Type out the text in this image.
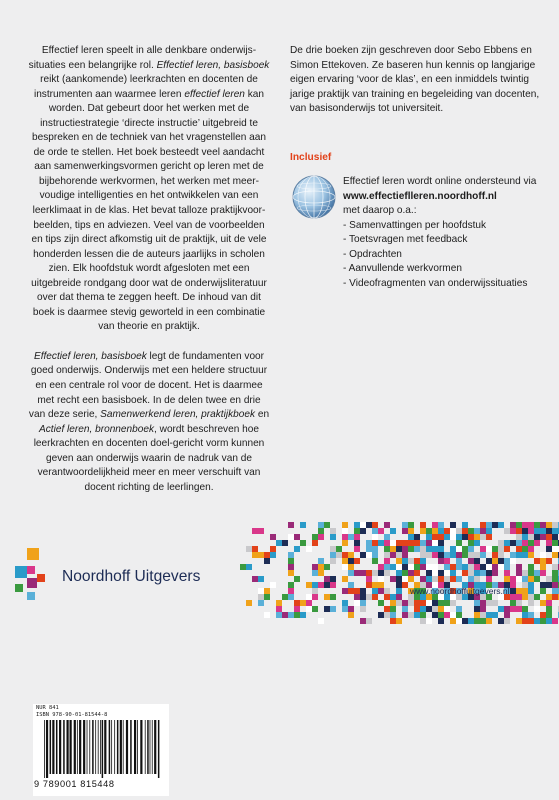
Effectief leren speelt in alle denkbare onderwijs-situaties een belangrijke rol. Effectief leren, basisboek reikt (aankomende) leerkrachten en docenten de instrumenten aan waarmee leren effectief leren kan worden. Dat gebeurt door het werken met de instructiestrategie ‘directe instructie’ uitgebreid te bespreken en de techniek van het vragenstellen aan de orde te stellen. Het boek besteedt veel aandacht aan samenwerkingsvormen gericht op leren met de bijbehorende werkvormen, het werken met meer-voudige intelligenties en het ontwikkelen van een leerklimaat in de klas. Het bevat talloze praktijkvoor-beelden, tips en adviezen. Veel van de voorbeelden en tips zijn direct afkomstig uit de praktijk, uit de vele honderden lessen die de auteurs jaarlijks in scholen zien. Elk hoofdstuk wordt afgesloten met een uitgebreide rondgang door wat de onderwijsliteratuur over dat thema te zeggen heeft. De inhoud van dit boek is daarmee stevig geworteld in een combinatie van theorie en praktijk.

Effectief leren, basisboek legt de fundamenten voor goed onderwijs. Onderwijs met een heldere structuur en een centrale rol voor de docent. Het is daarmee met recht een basisboek. In de delen twee en drie van deze serie, Samenwerkend leren, praktijkboek en Actief leren, bronnenboek, wordt beschreven hoe leerkrachten en docenten doel-gericht vorm kunnen geven aan onderwijs waarin de nadruk van de verantwoordelijkheid meer en meer verschuift van docent richting de leerlingen.

De drie boeken zijn geschreven door Sebo Ebbens en Simon Ettekoven. Ze baseren hun kennis op langjarige eigen ervaring ‘voor de klas’, en een inmiddels twintig jarige praktijk van training en begeleiding van docenten, van basisonderwijs tot universiteit.

Inclusief
Effectief leren wordt online ondersteund via www.effectieflleren.noordhoff.nl
met daarop o.a.:
- Samenvattingen per hoofdstuk
- Toetsvragen met feedback
- Opdrachten
- Aanvullende werkvormen
- Videofragmenten van onderwijssituaties
Noordhoff Uitgevers
www.noordhoffuitgevers.nl
NUR 841
ISBN 978-90-01-81544-8
9 789001 815448
